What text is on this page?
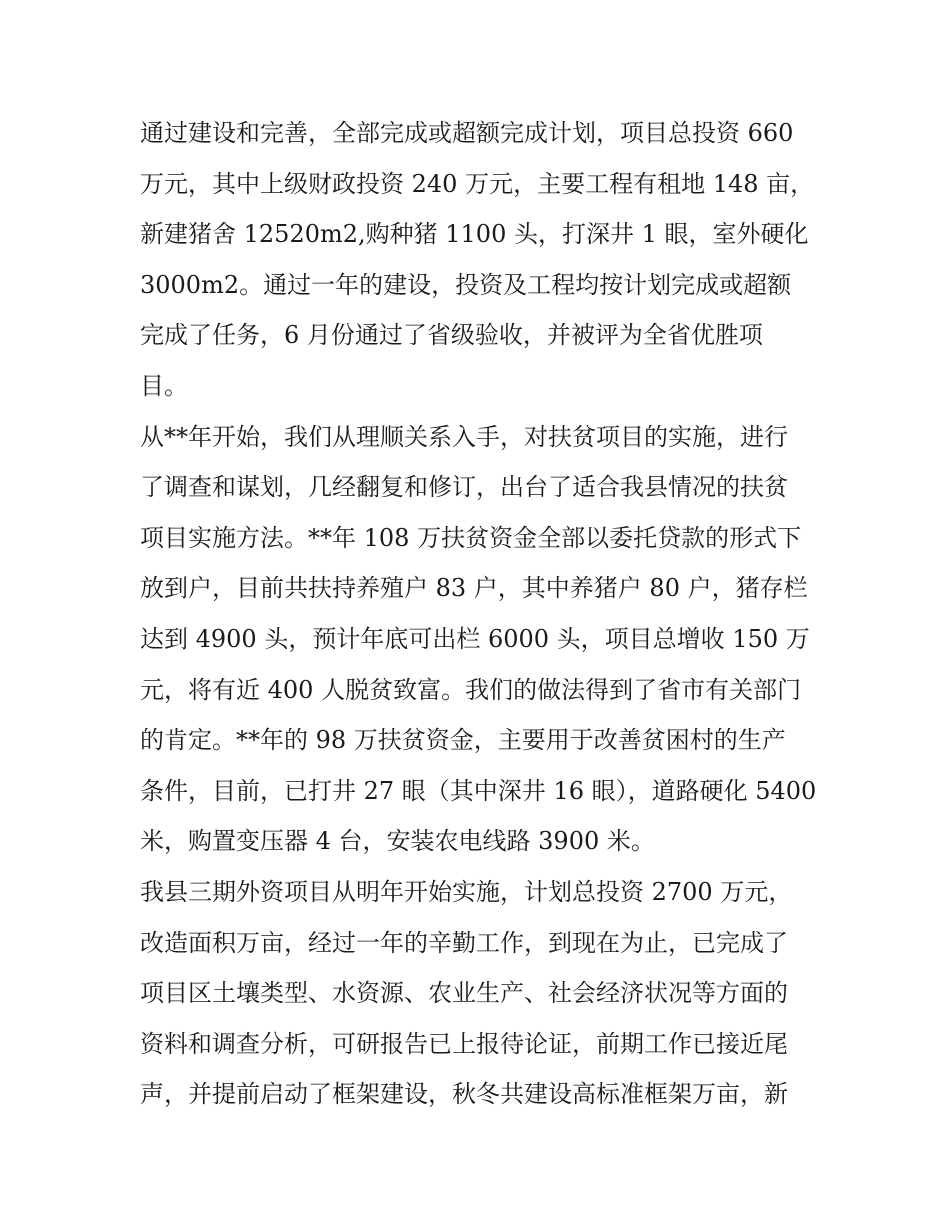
通过建设和完善，全部完成或超额完成计划，项目总投资 660
万元，其中上级财政投资 240 万元，主要工程有租地 148 亩，
新建猪舍 12520m2,购种猪 1100 头，打深井 1 眼，室外硬化
3000m2。通过一年的建设，投资及工程均按计划完成或超额
完成了任务，6 月份通过了省级验收，并被评为全省优胜项
目。
从**年开始，我们从理顺关系入手，对扶贫项目的实施，进行
了调查和谋划，几经翻复和修订，出台了适合我县情况的扶贫
项目实施方法。**年 108 万扶贫资金全部以委托贷款的形式下
放到户，目前共扶持养殖户 83 户，其中养猪户 80 户，猪存栏
达到 4900 头，预计年底可出栏 6000 头，项目总增收 150 万
元，将有近 400 人脱贫致富。我们的做法得到了省市有关部门
的肯定。**年的 98 万扶贫资金，主要用于改善贫困村的生产
条件，目前，已打井 27 眼（其中深井 16 眼），道路硬化 5400
米，购置变压器 4 台，安装农电线路 3900 米。
我县三期外资项目从明年开始实施，计划总投资 2700 万元，
改造面积万亩，经过一年的辛勤工作，到现在为止，已完成了
项目区土壤类型、水资源、农业生产、社会经济状况等方面的
资料和调查分析，可研报告已上报待论证，前期工作已接近尾
声，并提前启动了框架建设，秋冬共建设高标准框架万亩，新
